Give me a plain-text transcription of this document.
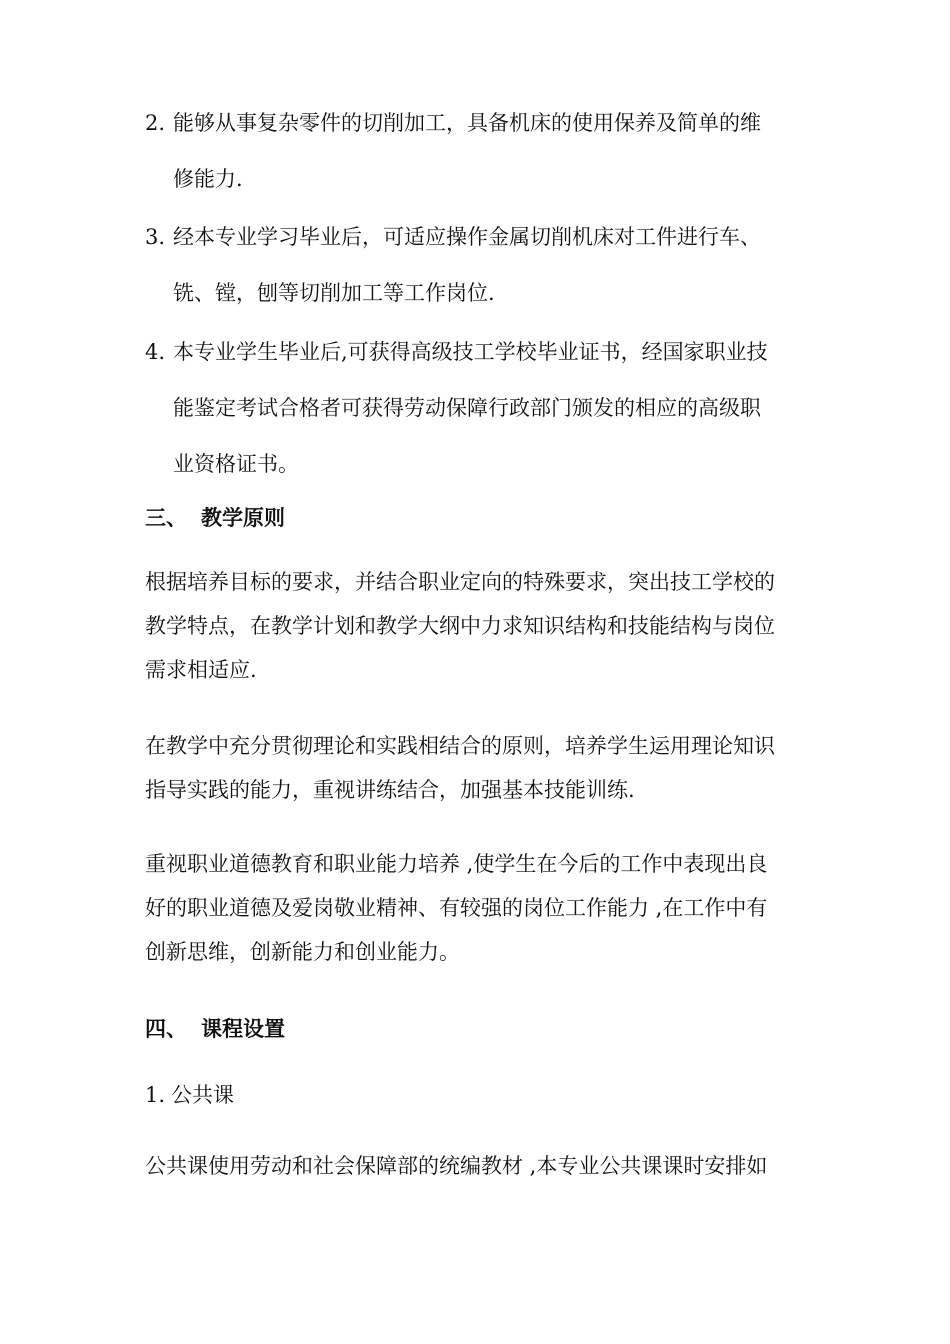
2. 能够从事复杂零件的切削加工，具备机床的使用保养及简单的维
修能力.
3. 经本专业学习毕业后，可适应操作金属切削机床对工件进行车、
铣、镗，刨等切削加工等工作岗位.
4. 本专业学生毕业后,可获得高级技工学校毕业证书，经国家职业技
能鉴定考试合格者可获得劳动保障行政部门颁发的相应的高级职
业资格证书。
三、 教学原则
根据培养目标的要求，并结合职业定向的特殊要求，突出技工学校的
教学特点，在教学计划和教学大纲中力求知识结构和技能结构与岗位
需求相适应.
在教学中充分贯彻理论和实践相结合的原则，培养学生运用理论知识
指导实践的能力，重视讲练结合，加强基本技能训练.
重视职业道德教育和职业能力培养 ,使学生在今后的工作中表现出良
好的职业道德及爱岗敬业精神、有较强的岗位工作能力 ,在工作中有
创新思维，创新能力和创业能力。
四、 课程设置
1. 公共课
公共课使用劳动和社会保障部的统编教材 ,本专业公共课课时安排如
